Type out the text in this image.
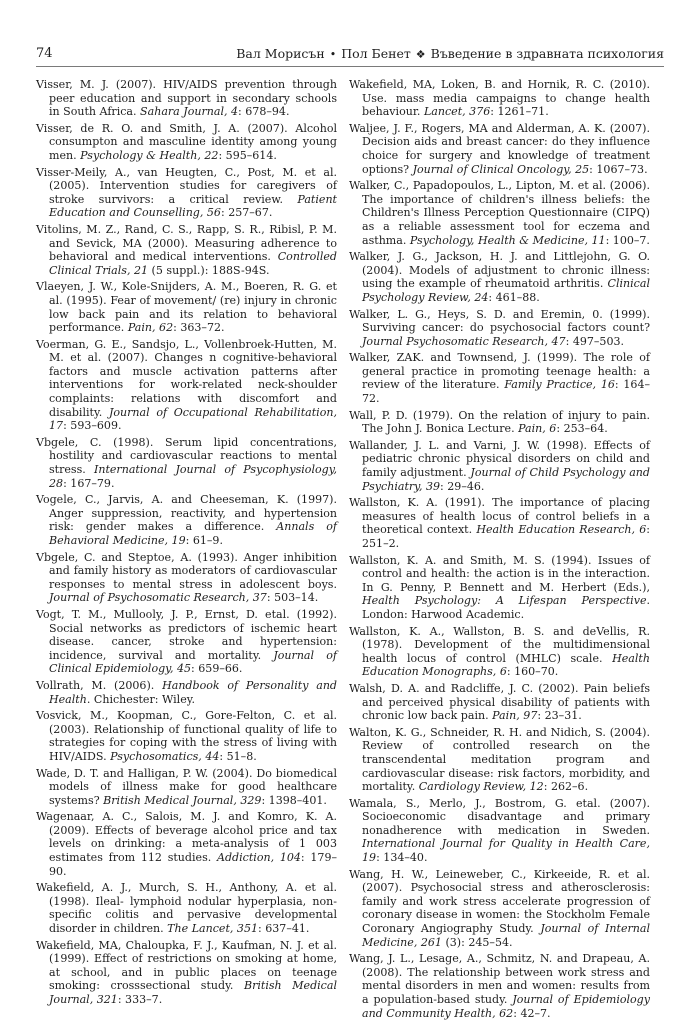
74	Вал Морисън • Пол Бенет ❖ Въведение в здравната психология

Visser, M. J. (2007). HIV/AIDS prevention through peer education and support in secondary schools in South Africa. Sahara Journal, 4: 678–94.

Visser, de R. O. and Smith, J. A. (2007). Alcohol consumpton and masculine identity among young men. Psychology & Health, 22: 595–614.

Visser-Meily, A., van Heugten, C., Post, M. et al. (2005). Intervention studies for caregivers of stroke survivors: a critical review. Patient Education and Counselling, 56: 257–67.

Vitolins, M. Z., Rand, C. S., Rapp, S. R., Ribisl, P. M. and Sevick, MA (2000). Measuring adherence to behavioral and medical interventions. Controlled Clinical Trials, 21 (5 suppl.): 188S-94S.

Vlaeyen, J. W., Kole-Snijders, A. M., Boeren, R. G. et al. (1995). Fear of movement/ (re) injury in chronic low back pain and its relation to behavioral performance. Pain, 62: 363–72.

Voerman, G. E., Sandsjo, L., Vollenbroek-Hutten, M. M. et al. (2007). Changes n cognitive-behavioral factors and muscle activation patterns after interventions for work-related neck-shoulder complaints: relations with discomfort and disability. Journal of Occupational Rehabilitation, 17: 593–609.

Vbgele, C. (1998). Serum lipid concentrations, hostility and cardiovascular reactions to mental stress. International Journal of Psycophysiology, 28: 167–79.

Vogele, C., Jarvis, A. and Cheeseman, K. (1997). Anger suppression, reactivity, and hypertension risk: gender makes a difference. Annals of Behavioral Medicine, 19: 61–9.

Vbgele, C. and Steptoe, A. (1993). Anger inhibition and family history as moderators of cardiovascular responses to mental stress in adolescent boys. Journal of Psychosomatic Research, 37: 503–14.

Vogt, T. M., Mullooly, J. P., Ernst, D. etal. (1992). Social networks as predictors of ischemic heart disease. cancer, stroke and hypertension: incidence, survival and mortality. Journal of Clinical Epidemiology, 45: 659–66.

Vollrath, M. (2006). Handbook of Personality and Health. Chichester: Wiley.

Vosvick, M., Koopman, C., Gore-Felton, C. et al. (2003). Relationship of functional quality of life to strategies for coping with the stress of living with HIV/AIDS. Psychosomatics, 44: 51–8.

Wade, D. T. and Halligan, P. W. (2004). Do biomedical models of illness make for good healthcare systems? British Medical Journal, 329: 1398–401.

Wagenaar, A. C., Salois, M. J. and Komro, K. A. (2009). Effects of beverage alcohol price and tax levels on drinking: a meta-analysis of 1 003 estimates from 112 studies. Addiction, 104: 179–90.

Wakefield, A. J., Murch, S. H., Anthony, A. et al. (1998). Ileal- lymphoid nodular hyperplasia, non-specific colitis and pervasive developmental disorder in children. The Lancet, 351: 637–41.

Wakefield, MA, Chaloupka, F. J., Kaufman, N. J. et al. (1999). Effect of restrictions on smoking at home, at school, and in public places on teenage smoking: crosssectional study. British Medical Journal, 321: 333–7.

Wakefield, MA, Loken, B. and Hornik, R. C. (2010). Use. mass media campaigns to change health behaviour. Lancet, 376: 1261–71.

Waljee, J. F., Rogers, MA and Alderman, A. K. (2007). Decision aids and breast cancer: do they influence choice for surgery and knowledge of treatment options? Journal of Clinical Oncology, 25: 1067–73.

Walker, C., Papadopoulos, L., Lipton, M. et al. (2006). The importance of children's illness beliefs: the Children's Illness Perception Questionnaire (CIPQ) as a reliable assessment tool for eczema and asthma. Psychology, Health & Medicine, 11: 100–7.

Walker, J. G., Jackson, H. J. and Littlejohn, G. O. (2004). Models of adjustment to chronic illness: using the example of rheumatoid arthritis. Clinical Psychology Review, 24: 461–88.

Walker, L. G., Heys, S. D. and Eremin, 0. (1999). Surviving cancer: do psychosocial factors count? Journal Psychosomatic Research, 47: 497–503.

Walker, ZAK. and Townsend, J. (1999). The role of general practice in promoting teenage health: a review of the literature. Family Practice, 16: 164–72.

Wall, P. D. (1979). On the relation of injury to pain. The John J. Bonica Lecture. Pain, 6: 253–64.

Wallander, J. L. and Varni, J. W. (1998). Effects of pediatric chronic physical disorders on child and family adjustment. Journal of Child Psychology and Psychiatry, 39: 29–46.

Wallston, K. A. (1991). The importance of placing measures of health locus of control beliefs in a theoretical context. Health Education Research, 6: 251–2.

Wallston, K. A. and Smith, M. S. (1994). Issues of control and health: the action is in the interaction. In G. Penny, P. Bennett and M. Herbert (Eds.), Health Psychology: A Lifespan Perspective. London: Harwood Academic.

Wallston, K. A., Wallston, B. S. and deVellis, R. (1978). Development of the multidimensional health locus of control (MHLC) scale. Health Education Monographs, 6: 160–70.

Walsh, D. A. and Radcliffe, J. C. (2002). Pain beliefs and perceived physical disability of patients with chronic low back pain. Pain, 97: 23–31.

Walton, K. G., Schneider, R. H. and Nidich, S. (2004). Review of controlled research on the transcendental meditation program and cardiovascular disease: risk factors, morbidity, and mortality. Cardiology Review, 12: 262–6.

Wamala, S., Merlo, J., Bostrom, G. etal. (2007). Socioeconomic disadvantage and primary nonadherence with medication in Sweden. International Journal for Quality in Health Care, 19: 134–40.

Wang, H. W., Leineweber, C., Kirkeeide, R. et al. (2007). Psychosocial stress and atherosclerosis: family and work stress accelerate progression of coronary disease in women: the Stockholm Female Coronary Angiography Study. Journal of Internal Medicine, 261 (3): 245–54.

Wang, J. L., Lesage, A., Schmitz, N. and Drapeau, A. (2008). The relationship between work stress and mental disorders in men and women: results from a population-based study. Journal of Epidemiology and Community Health, 62: 42–7.
